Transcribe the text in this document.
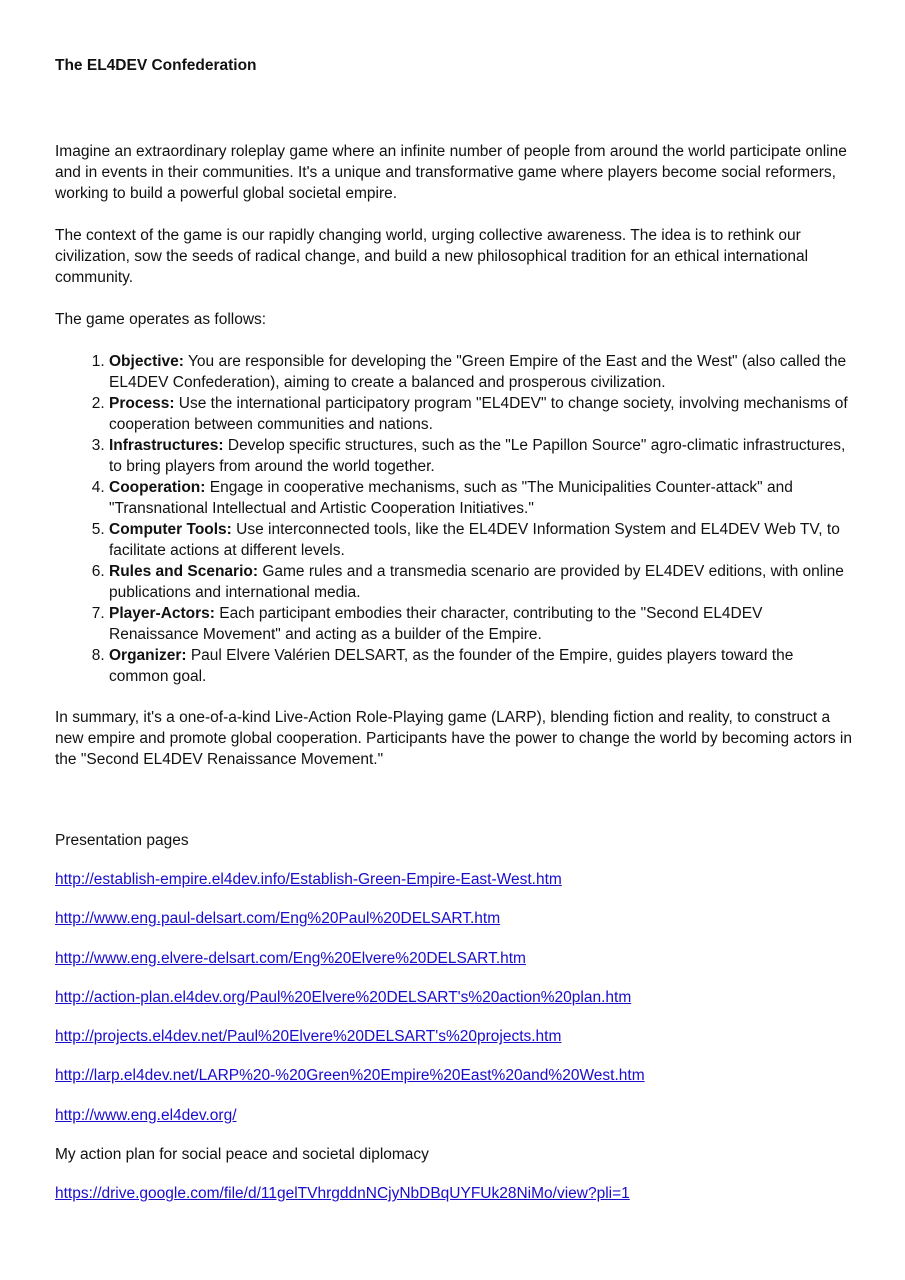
The EL4DEV Confederation

Imagine an extraordinary roleplay game where an infinite number of people from around the world participate online and in events in their communities. It's a unique and transformative game where players become social reformers, working to build a powerful global societal empire.

The context of the game is our rapidly changing world, urging collective awareness. The idea is to rethink our civilization, sow the seeds of radical change, and build a new philosophical tradition for an ethical international community.

The game operates as follows:

1. Objective: You are responsible for developing the "Green Empire of the East and the West" (also called the EL4DEV Confederation), aiming to create a balanced and prosperous civilization.
2. Process: Use the international participatory program "EL4DEV" to change society, involving mechanisms of cooperation between communities and nations.
3. Infrastructures: Develop specific structures, such as the "Le Papillon Source" agro-climatic infrastructures, to bring players from around the world together.
4. Cooperation: Engage in cooperative mechanisms, such as "The Municipalities Counter-attack" and "Transnational Intellectual and Artistic Cooperation Initiatives."
5. Computer Tools: Use interconnected tools, like the EL4DEV Information System and EL4DEV Web TV, to facilitate actions at different levels.
6. Rules and Scenario: Game rules and a transmedia scenario are provided by EL4DEV editions, with online publications and international media.
7. Player-Actors: Each participant embodies their character, contributing to the "Second EL4DEV Renaissance Movement" and acting as a builder of the Empire.
8. Organizer: Paul Elvere Valérien DELSART, as the founder of the Empire, guides players toward the common goal.

In summary, it's a one-of-a-kind Live-Action Role-Playing game (LARP), blending fiction and reality, to construct a new empire and promote global cooperation. Participants have the power to change the world by becoming actors in the "Second EL4DEV Renaissance Movement."

Presentation pages
http://establish-empire.el4dev.info/Establish-Green-Empire-East-West.htm
http://www.eng.paul-delsart.com/Eng%20Paul%20DELSART.htm
http://www.eng.elvere-delsart.com/Eng%20Elvere%20DELSART.htm
http://action-plan.el4dev.org/Paul%20Elvere%20DELSART's%20action%20plan.htm
http://projects.el4dev.net/Paul%20Elvere%20DELSART's%20projects.htm
http://larp.el4dev.net/LARP%20-%20Green%20Empire%20East%20and%20West.htm
http://www.eng.el4dev.org/
My action plan for social peace and societal diplomacy
https://drive.google.com/file/d/11gelTVhrgddnNCjyNbDBqUYFUk28NiMo/view?pli=1
